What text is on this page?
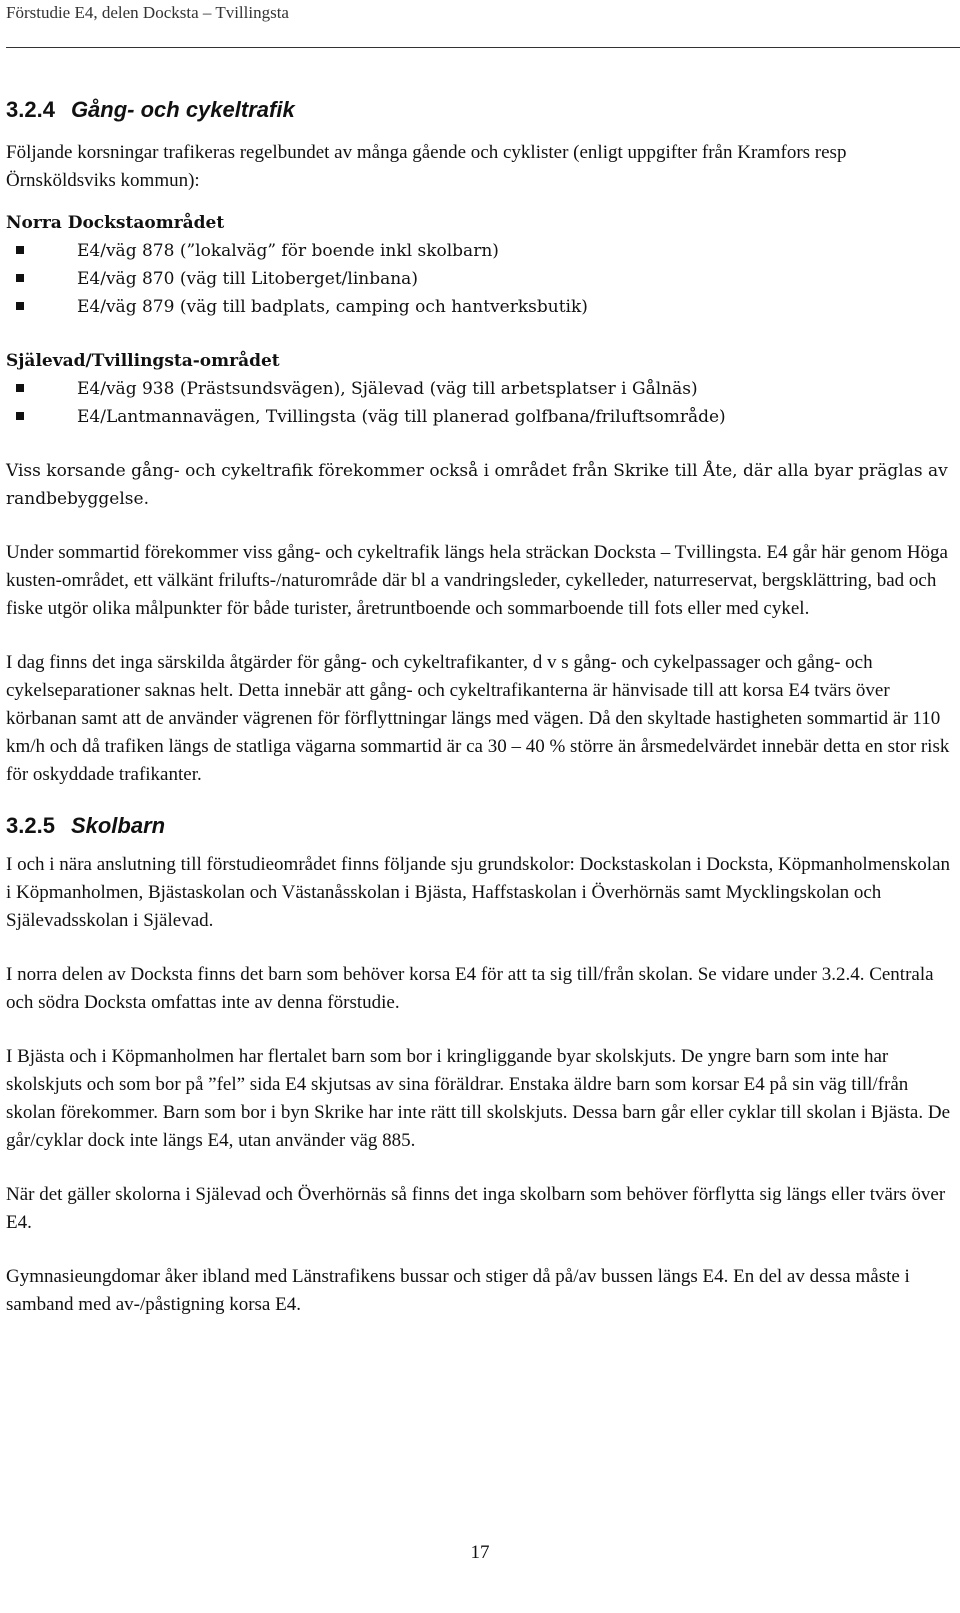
Förstudie E4, delen Docksta – Tvillingsta
3.2.4 Gång- och cykeltrafik

Följande korsningar trafikeras regelbundet av många gående och cyklister (enligt uppgifter från Kramfors resp Örnsköldsviks kommun):

Norra Dockstaområdet
E4/väg 878 (”lokalväg” för boende inkl skolbarn)
E4/väg 870 (väg till Litoberget/linbana)
E4/väg 879 (väg till badplats, camping och hantverksbutik)
Själevad/Tvillingsta-området
E4/väg 938 (Prästsundsvägen), Själevad (väg till arbetsplatser i Gålnäs)
E4/Lantmannavägen, Tvillingsta (väg till planerad golfbana/friluftsområde)

Viss korsande gång- och cykeltrafik förekommer också i området från Skrike till Åte, där alla byar präglas av randbebyggelse.

Under sommartid förekommer viss gång- och cykeltrafik längs hela sträckan Docksta – Tvillingsta. E4 går här genom Höga kusten-området, ett välkänt frilufts-/naturområde där bl a vandringsleder, cykelleder, naturreservat, bergsklättring, bad och fiske utgör olika målpunkter för både turister, åretruntboende och sommarboende till fots eller med cykel.

I dag finns det inga särskilda åtgärder för gång- och cykeltrafikanter, d v s gång- och cykelpassager och gång- och cykelseparationer saknas helt. Detta innebär att gång- och cykeltrafikanterna är hänvisade till att korsa E4 tvärs över körbanan samt att de använder vägrenen för förflyttningar längs med vägen. Då den skyltade hastigheten sommartid är 110 km/h och då trafiken längs de statliga vägarna sommartid är ca 30 – 40 % större än årsmedelvärdet innebär detta en stor risk för oskyddade trafikanter.

3.2.5 Skolbarn

I och i nära anslutning till förstudieområdet finns följande sju grundskolor: Dockstaskolan i Docksta, Köpmanholmenskolan i Köpmanholmen, Bjästaskolan och Västanåsskolan i Bjästa, Haffstaskolan i Överhörnäs samt Mycklingskolan och Själevadsskolan i Själevad.

I norra delen av Docksta finns det barn som behöver korsa E4 för att ta sig till/från skolan. Se vidare under 3.2.4. Centrala och södra Docksta omfattas inte av denna förstudie.

I Bjästa och i Köpmanholmen har flertalet barn som bor i kringliggande byar skolskjuts. De yngre barn som inte har skolskjuts och som bor på ”fel” sida E4 skjutsas av sina föräldrar. Enstaka äldre barn som korsar E4 på sin väg till/från skolan förekommer. Barn som bor i byn Skrike har inte rätt till skolskjuts. Dessa barn går eller cyklar till skolan i Bjästa. De går/cyklar dock inte längs E4, utan använder väg 885.

När det gäller skolorna i Själevad och Överhörnäs så finns det inga skolbarn som behöver förflytta sig längs eller tvärs över E4.

Gymnasieungdomar åker ibland med Länstrafikens bussar och stiger då på/av bussen längs E4. En del av dessa måste i samband med av-/påstigning korsa E4.

17
